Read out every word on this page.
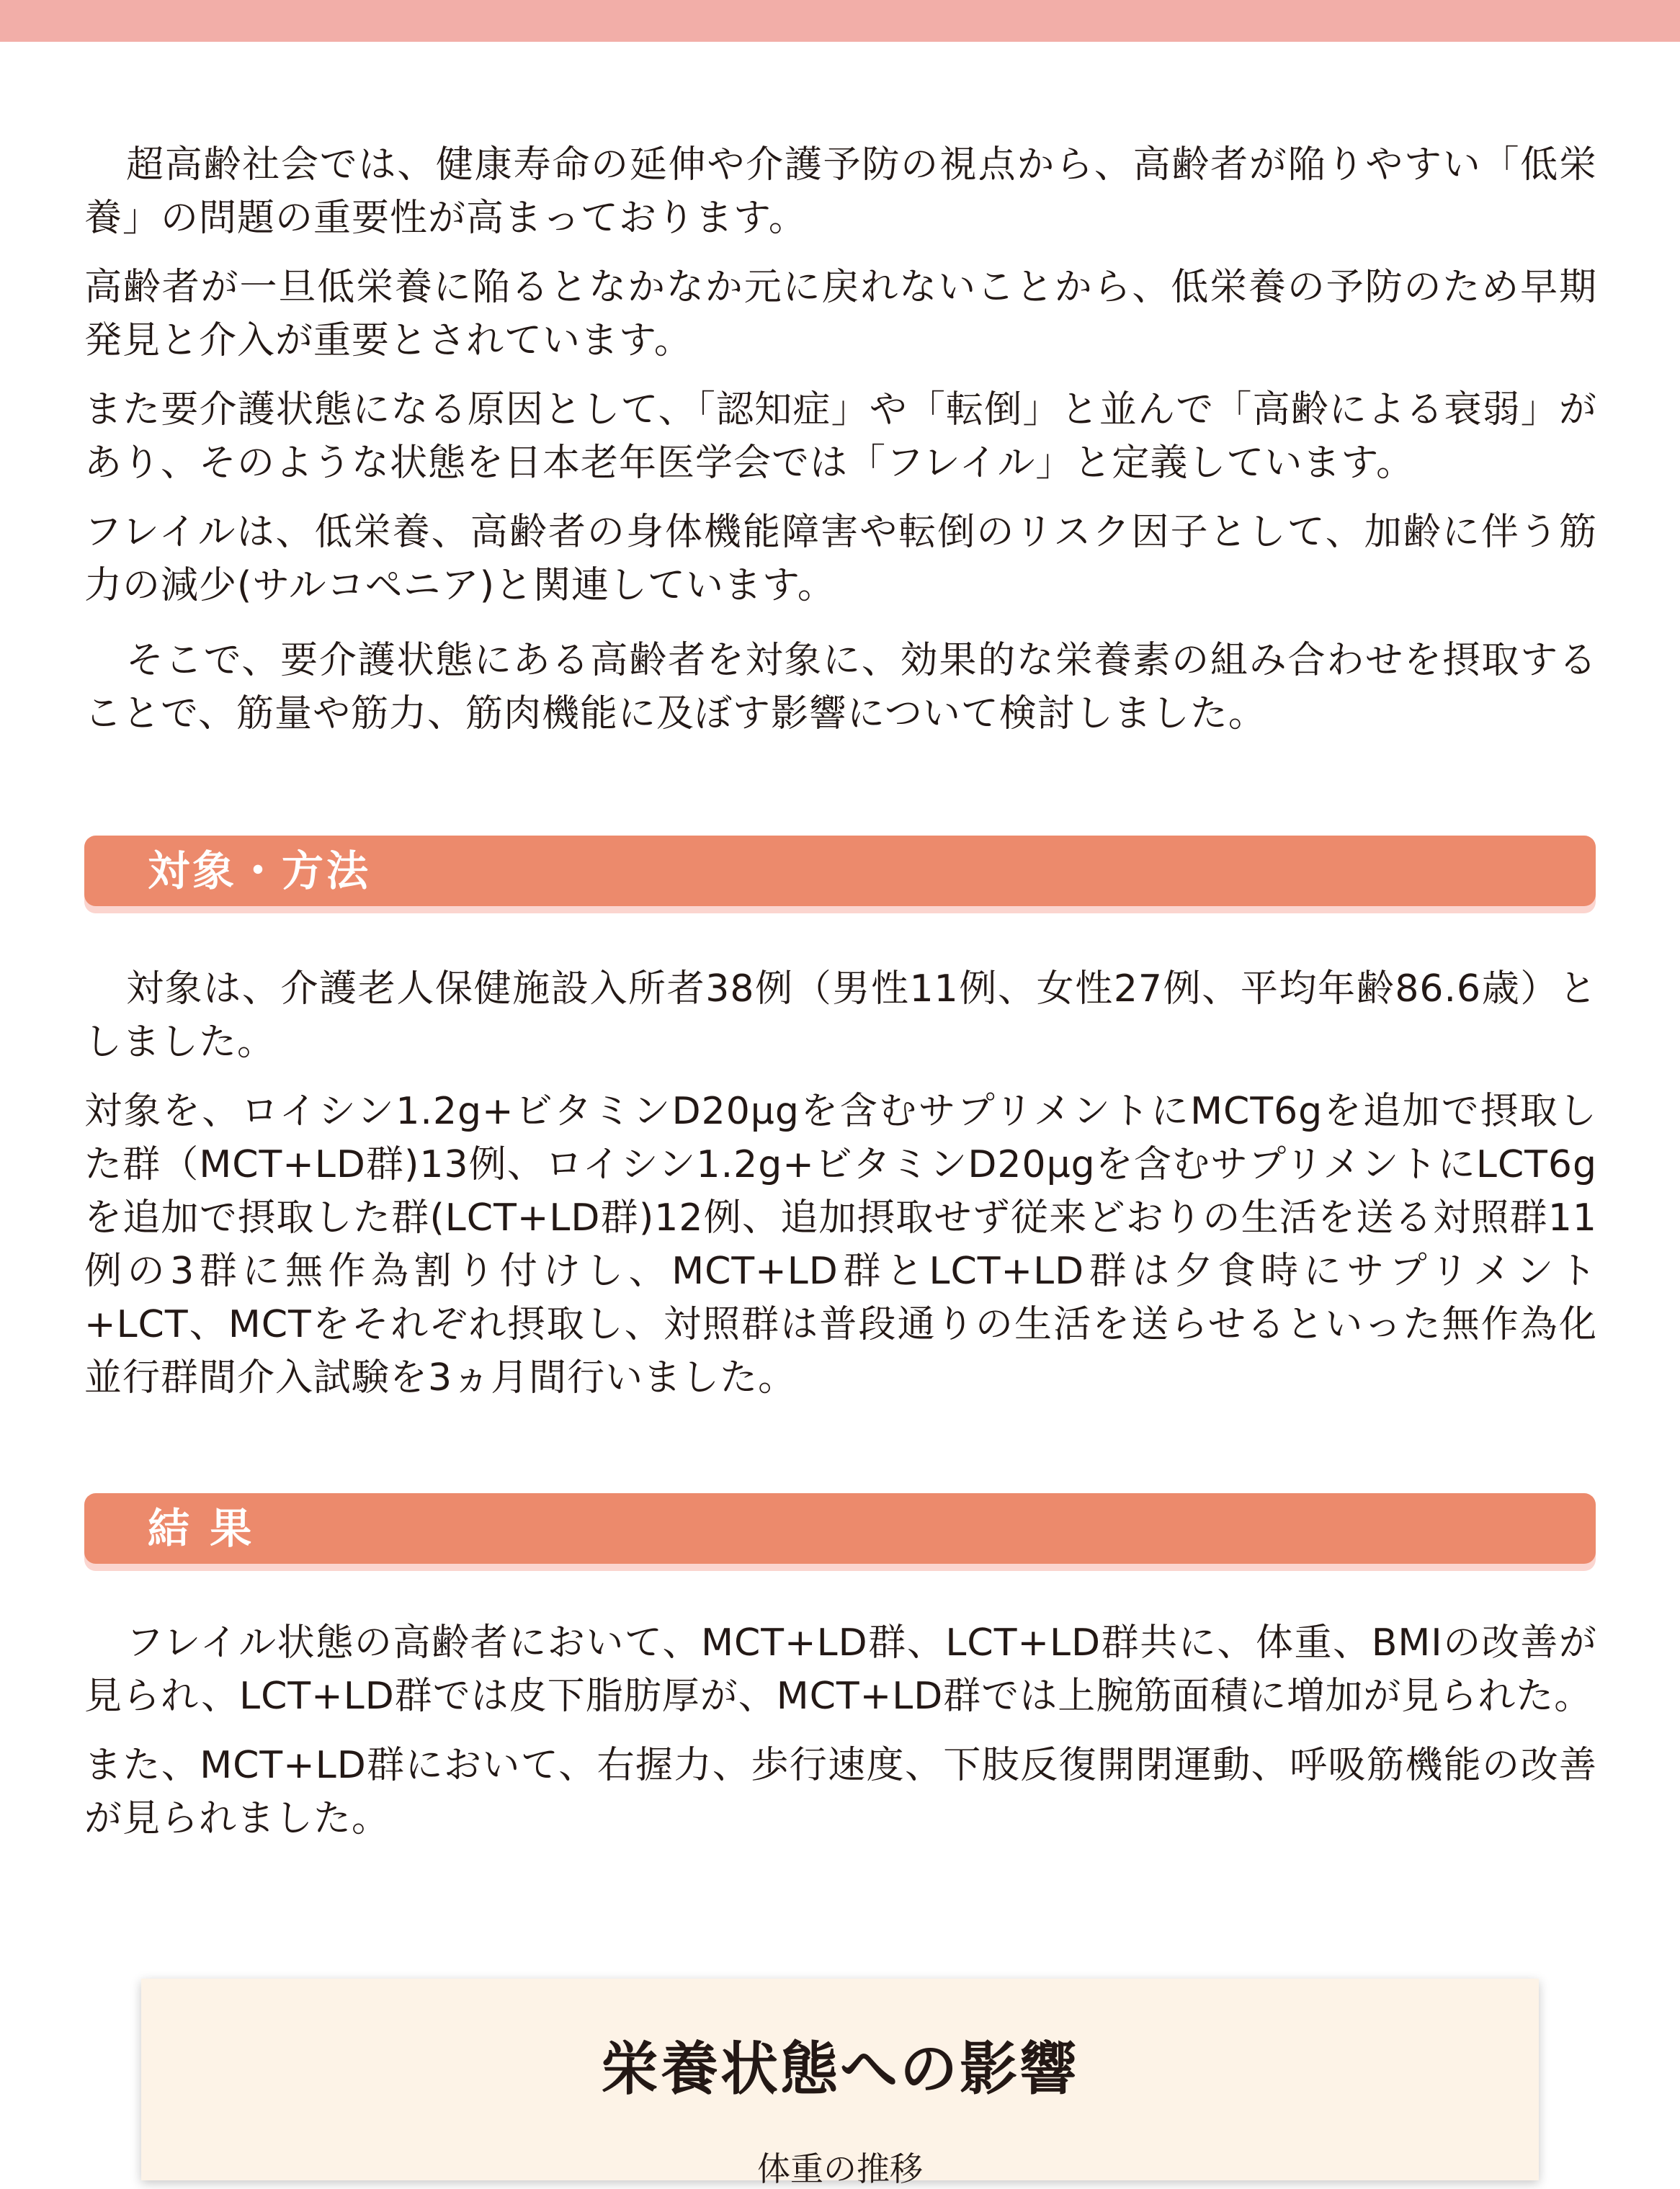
超高齢社会では、健康寿命の延伸や介護予防の視点から、高齢者が陥りやすい「低栄養」の問題の重要性が高まっております。

高齢者が一旦低栄養に陥るとなかなか元に戻れないことから、低栄養の予防のため早期発見と介入が重要とされています。

また要介護状態になる原因として、「認知症」や「転倒」と並んで「高齢による衰弱」があり、そのような状態を日本老年医学会では「フレイル」と定義しています。

フレイルは、低栄養、高齢者の身体機能障害や転倒のリスク因子として、加齢に伴う筋力の減少(サルコペニア)と関連しています。

そこで、要介護状態にある高齢者を対象に、効果的な栄養素の組み合わせを摂取することで、筋量や筋力、筋肉機能に及ぼす影響について検討しました。

対象・方法

対象は、介護老人保健施設入所者38例（男性11例、女性27例、平均年齢86.6歳）としました。

対象を、ロイシン1.2g+ビタミンD20μgを含むサプリメントにMCT6gを追加で摂取した群（MCT+LD群)13例、ロイシン1.2g+ビタミンD20μgを含むサプリメントにLCT6gを追加で摂取した群(LCT+LD群)12例、追加摂取せず従来どおりの生活を送る対照群11例の3群に無作為割り付けし、MCT+LD群とLCT+LD群は夕食時にサプリメント+LCT、MCTをそれぞれ摂取し、対照群は普段通りの生活を送らせるといった無作為化並行群間介入試験を3ヵ月間行いました。

結 果

フレイル状態の高齢者において、MCT+LD群、LCT+LD群共に、体重、BMIの改善が見られ、LCT+LD群では皮下脂肪厚が、MCT+LD群では上腕筋面積に増加が見られた。

また、MCT+LD群において、右握力、歩行速度、下肢反復開閉運動、呼吸筋機能の改善が見られました。

栄養状態への影響
体重の推移
